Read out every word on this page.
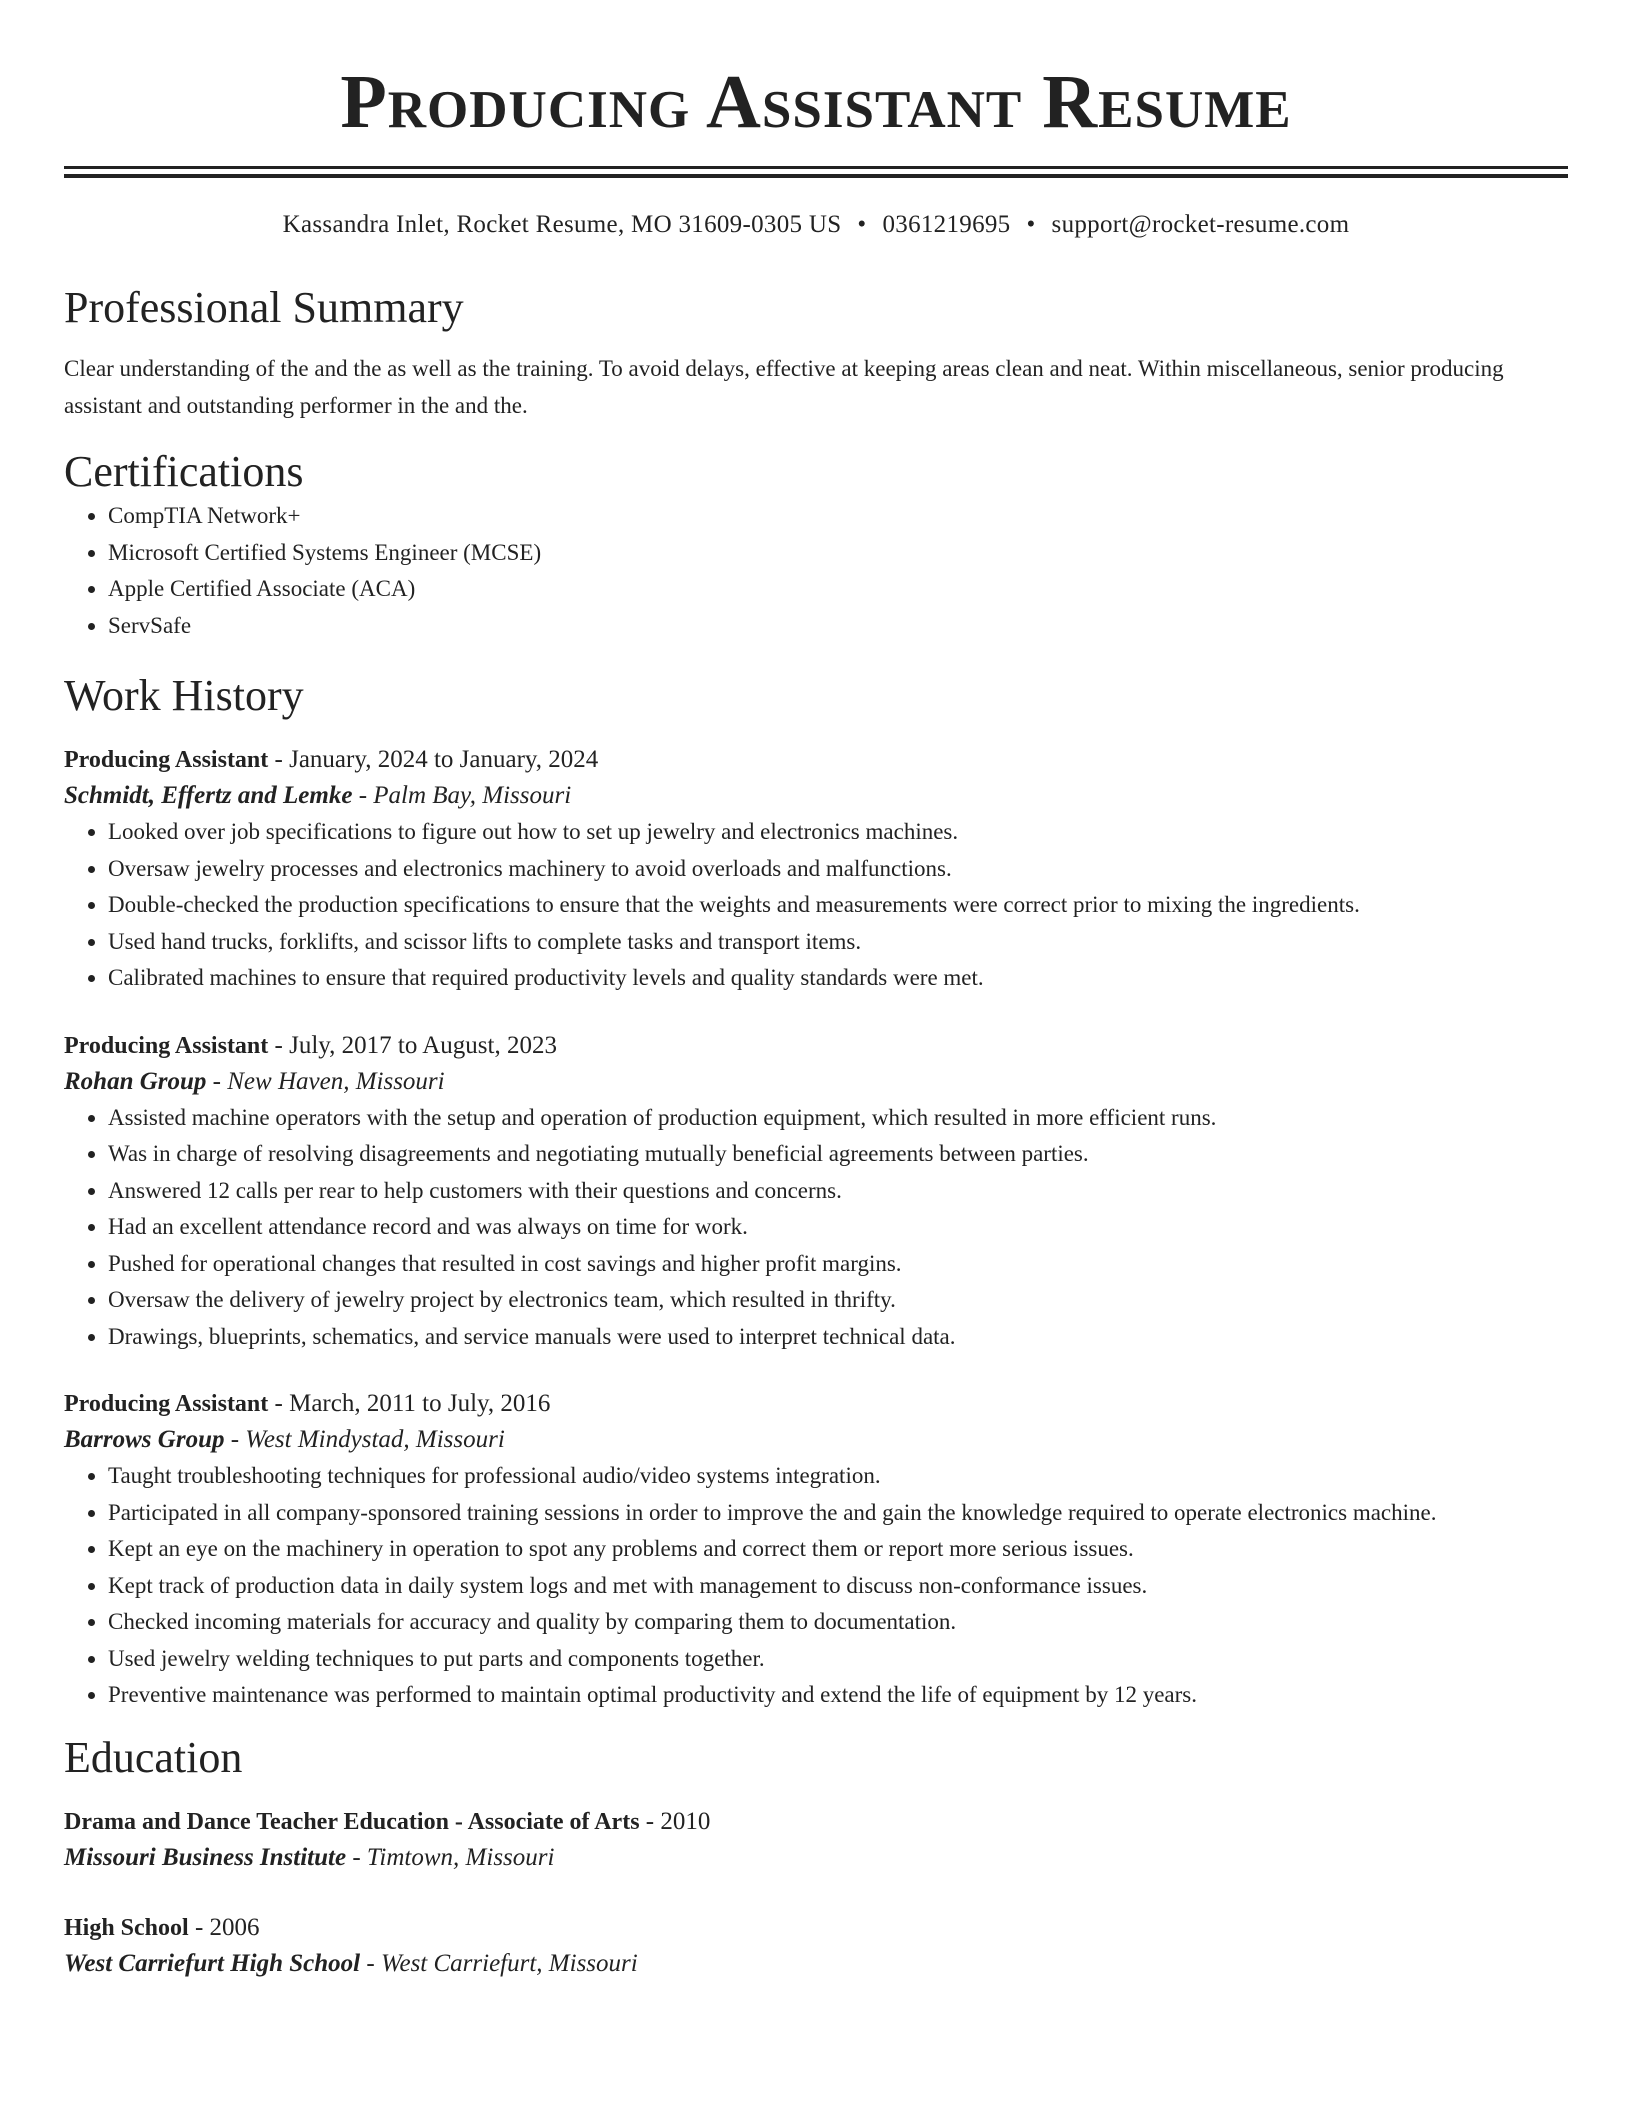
Producing Assistant Resume
Kassandra Inlet, Rocket Resume, MO 31609-0305 US • 0361219695 • support@rocket-resume.com
Professional Summary
Clear understanding of the and the as well as the training. To avoid delays, effective at keeping areas clean and neat. Within miscellaneous, senior producing assistant and outstanding performer in the and the.
Certifications
• CompTIA Network+
• Microsoft Certified Systems Engineer (MCSE)
• Apple Certified Associate (ACA)
• ServSafe
Work History
Producing Assistant - January, 2024 to January, 2024
Schmidt, Effertz and Lemke - Palm Bay, Missouri
• Looked over job specifications to figure out how to set up jewelry and electronics machines.
• Oversaw jewelry processes and electronics machinery to avoid overloads and malfunctions.
• Double-checked the production specifications to ensure that the weights and measurements were correct prior to mixing the ingredients.
• Used hand trucks, forklifts, and scissor lifts to complete tasks and transport items.
• Calibrated machines to ensure that required productivity levels and quality standards were met.
Producing Assistant - July, 2017 to August, 2023
Rohan Group - New Haven, Missouri
• Assisted machine operators with the setup and operation of production equipment, which resulted in more efficient runs.
• Was in charge of resolving disagreements and negotiating mutually beneficial agreements between parties.
• Answered 12 calls per rear to help customers with their questions and concerns.
• Had an excellent attendance record and was always on time for work.
• Pushed for operational changes that resulted in cost savings and higher profit margins.
• Oversaw the delivery of jewelry project by electronics team, which resulted in thrifty.
• Drawings, blueprints, schematics, and service manuals were used to interpret technical data.
Producing Assistant - March, 2011 to July, 2016
Barrows Group - West Mindystad, Missouri
• Taught troubleshooting techniques for professional audio/video systems integration.
• Participated in all company-sponsored training sessions in order to improve the and gain the knowledge required to operate electronics machine.
• Kept an eye on the machinery in operation to spot any problems and correct them or report more serious issues.
• Kept track of production data in daily system logs and met with management to discuss non-conformance issues.
• Checked incoming materials for accuracy and quality by comparing them to documentation.
• Used jewelry welding techniques to put parts and components together.
• Preventive maintenance was performed to maintain optimal productivity and extend the life of equipment by 12 years.
Education
Drama and Dance Teacher Education - Associate of Arts - 2010
Missouri Business Institute - Timtown, Missouri
High School - 2006
West Carriefurt High School - West Carriefurt, Missouri
